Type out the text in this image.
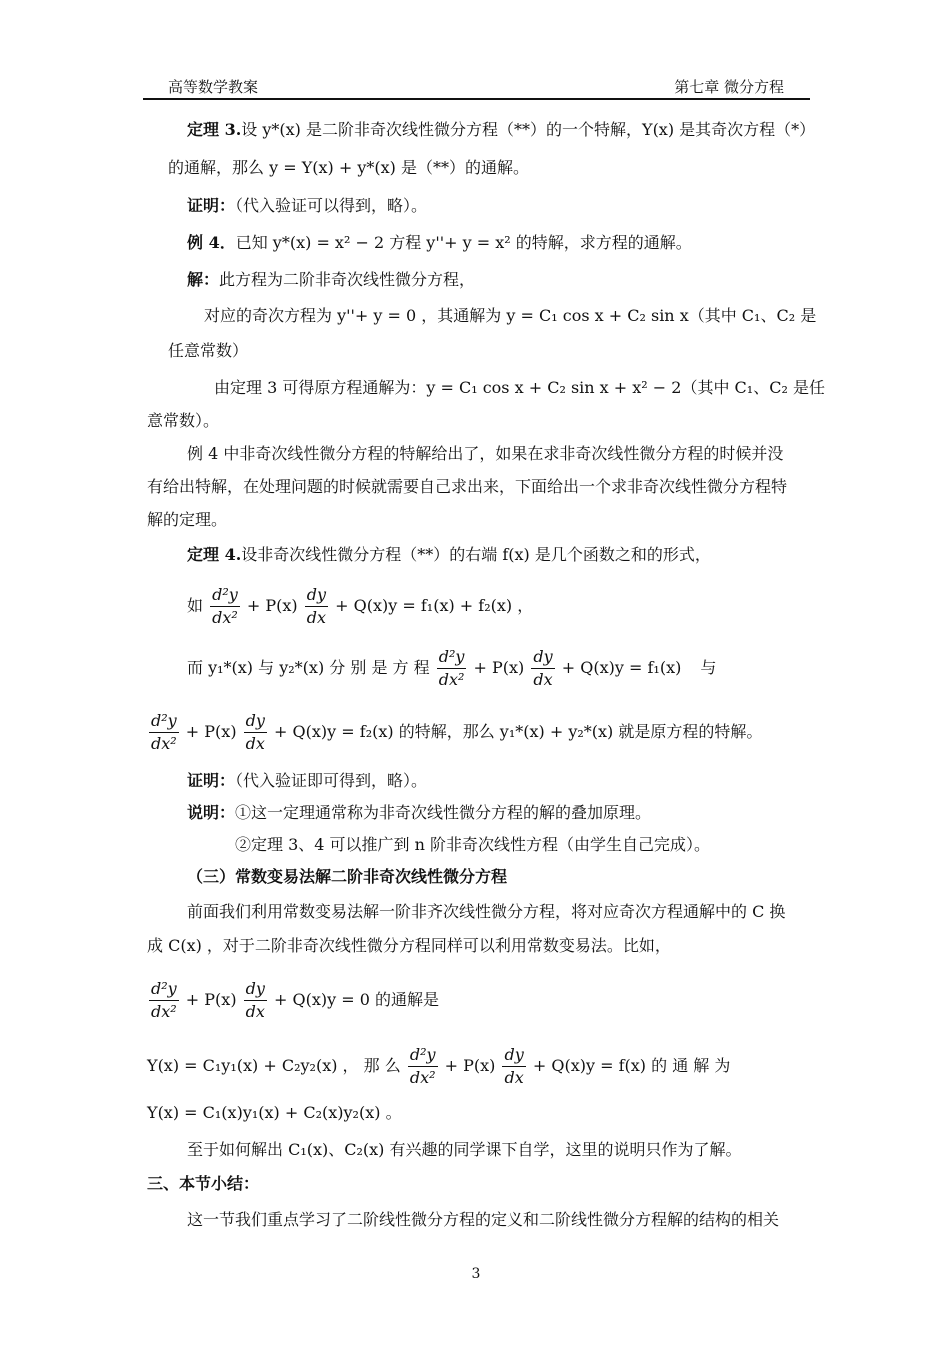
高等数学教案	第七章 微分方程
定理 3.设 y*(x) 是二阶非奇次线性微分方程（**）的一个特解，Y(x) 是其奇次方程（*）
的通解，那么 y = Y(x) + y*(x) 是（**）的通解。
证明：（代入验证可以得到，略）。
例 4．已知 y*(x) = x² − 2 方程 y''+ y = x² 的特解，求方程的通解。
解：此方程为二阶非奇次线性微分方程，
对应的奇次方程为 y''+ y = 0 ，其通解为 y = C₁ cos x + C₂ sin x（其中 C₁、C₂ 是
任意常数）
由定理 3 可得原方程通解为：y = C₁ cos x + C₂ sin x + x² − 2（其中 C₁、C₂ 是任
意常数）。
例 4 中非奇次线性微分方程的特解给出了，如果在求非奇次线性微分方程的时候并没
有给出特解，在处理问题的时候就需要自己求出来，下面给出一个求非奇次线性微分方程特
解的定理。
定理 4.设非奇次线性微分方程（**）的右端 f(x) 是几个函数之和的形式，
如 $\frac{\text{d²y}}{\text{dx²}} + P(x) \frac{dy}{dx} + Q(x)y = f_1(x) + f_2(x)$ ，
而 y₁*(x) 与 y₂*(x) 分 别 是 方 程 $\frac{\text{d²y}}{\text{dx²}} + P(x) \frac{dy}{dx} + Q(x)y = f_1(x)$ 与
$\frac{\text{d²y}}{\text{dx²}} + P(x) \frac{dy}{dx} + Q(x)y = f_2(x)$ 的特解，那么 y₁*(x) + y₂*(x) 就是原方程的特解。
证明：（代入验证即可得到，略）。
说明：①这一定理通常称为非奇次线性微分方程的解的叠加原理。
②定理 3、4 可以推广到 n 阶非奇次线性方程（由学生自己完成）。
（三）常数变易法解二阶非奇次线性微分方程
前面我们利用常数变易法解一阶非齐次线性微分方程，将对应奇次方程通解中的 C 换
成 C(x) ，对于二阶非奇次线性微分方程同样可以利用常数变易法。比如，
$\frac{\text{d²y}}{\text{dx²}} + P(x) \frac{dy}{dx} + Q(x)y = 0$ 的通解是
Y(x) = C₁y₁(x) + C₂y₂(x) ， 那 么 $\frac{\text{d²y}}{\text{dx²}} + P(x) \frac{dy}{dx} + Q(x)y = f(x)$ 的 通 解 为
Y(x) = C₁(x)y₁(x) + C₂(x)y₂(x) 。
至于如何解出 C₁(x)、C₂(x) 有兴趣的同学课下自学，这里的说明只作为了解。
三、本节小结：
这一节我们重点学习了二阶线性微分方程的定义和二阶线性微分方程解的结构的相关
3
